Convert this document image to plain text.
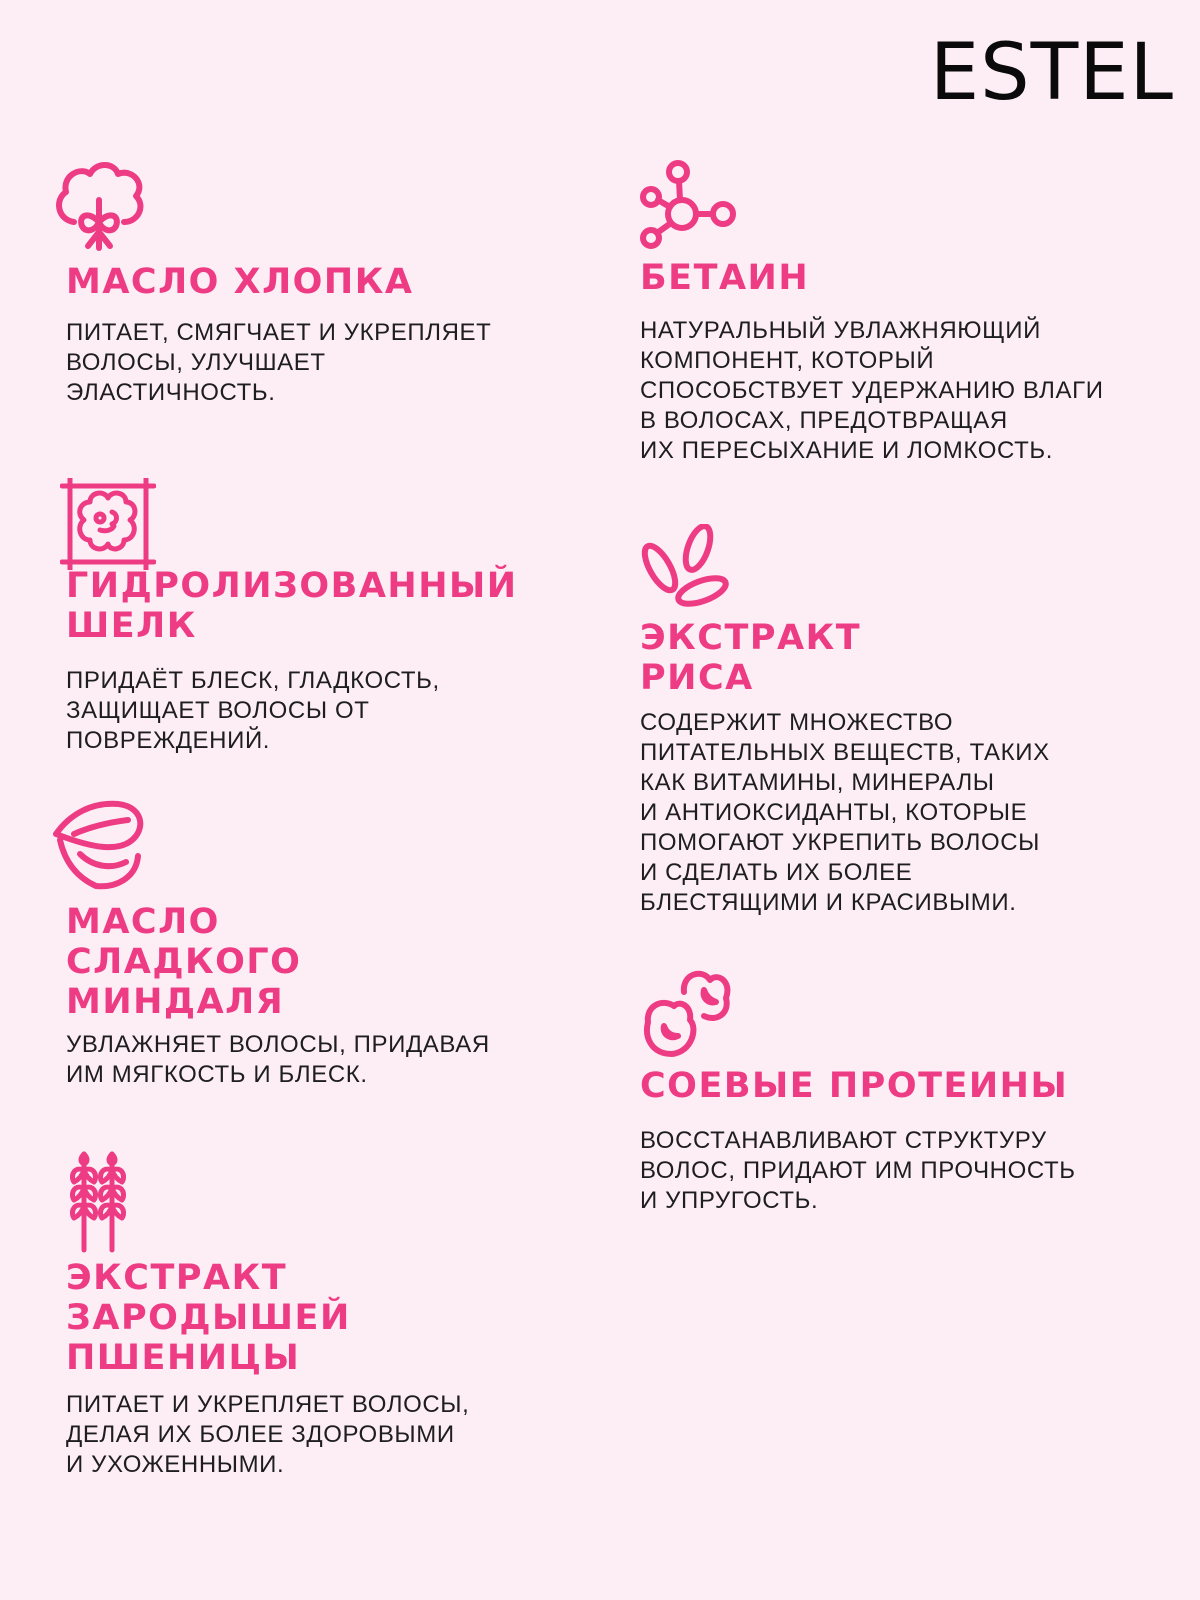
ESTEL
МАСЛО ХЛОПКА

ПИТАЕТ, СМЯГЧАЕТ И УКРЕПЛЯЕТ
ВОЛОСЫ, УЛУЧШАЕТ
ЭЛАСТИЧНОСТЬ.

БЕТАИН

НАТУРАЛЬНЫЙ УВЛАЖНЯЮЩИЙ
КОМПОНЕНТ, КОТОРЫЙ
СПОСОБСТВУЕТ УДЕРЖАНИЮ ВЛАГИ
В ВОЛОСАХ, ПРЕДОТВРАЩАЯ
ИХ ПЕРЕСЫХАНИЕ И ЛОМКОСТЬ.

ГИДРОЛИЗОВАННЫЙ
ШЕЛК

ПРИДАЁТ БЛЕСК, ГЛАДКОСТЬ,
ЗАЩИЩАЕТ ВОЛОСЫ ОТ
ПОВРЕЖДЕНИЙ.

ЭКСТРАКТ
РИСА

СОДЕРЖИТ МНОЖЕСТВО
ПИТАТЕЛЬНЫХ ВЕЩЕСТВ, ТАКИХ
КАК ВИТАМИНЫ, МИНЕРАЛЫ
И АНТИОКСИДАНТЫ, КОТОРЫЕ
ПОМОГАЮТ УКРЕПИТЬ ВОЛОСЫ
И СДЕЛАТЬ ИХ БОЛЕЕ
БЛЕСТЯЩИМИ И КРАСИВЫМИ.

МАСЛО
СЛАДКОГО
МИНДАЛЯ

УВЛАЖНЯЕТ ВОЛОСЫ, ПРИДАВАЯ
ИМ МЯГКОСТЬ И БЛЕСК.	СОЕВЫЕ ПРОТЕИНЫ

ВОССТАНАВЛИВАЮТ СТРУКТУРУ
ВОЛОС, ПРИДАЮТ ИМ ПРОЧНОСТЬ
И УПРУГОСТЬ.

ЭКСТРАКТ
ЗАРОДЫШЕЙ
ПШЕНИЦЫ

ПИТАЕТ И УКРЕПЛЯЕТ ВОЛОСЫ,
ДЕЛАЯ ИХ БОЛЕЕ ЗДОРОВЫМИ
И УХОЖЕННЫМИ.
